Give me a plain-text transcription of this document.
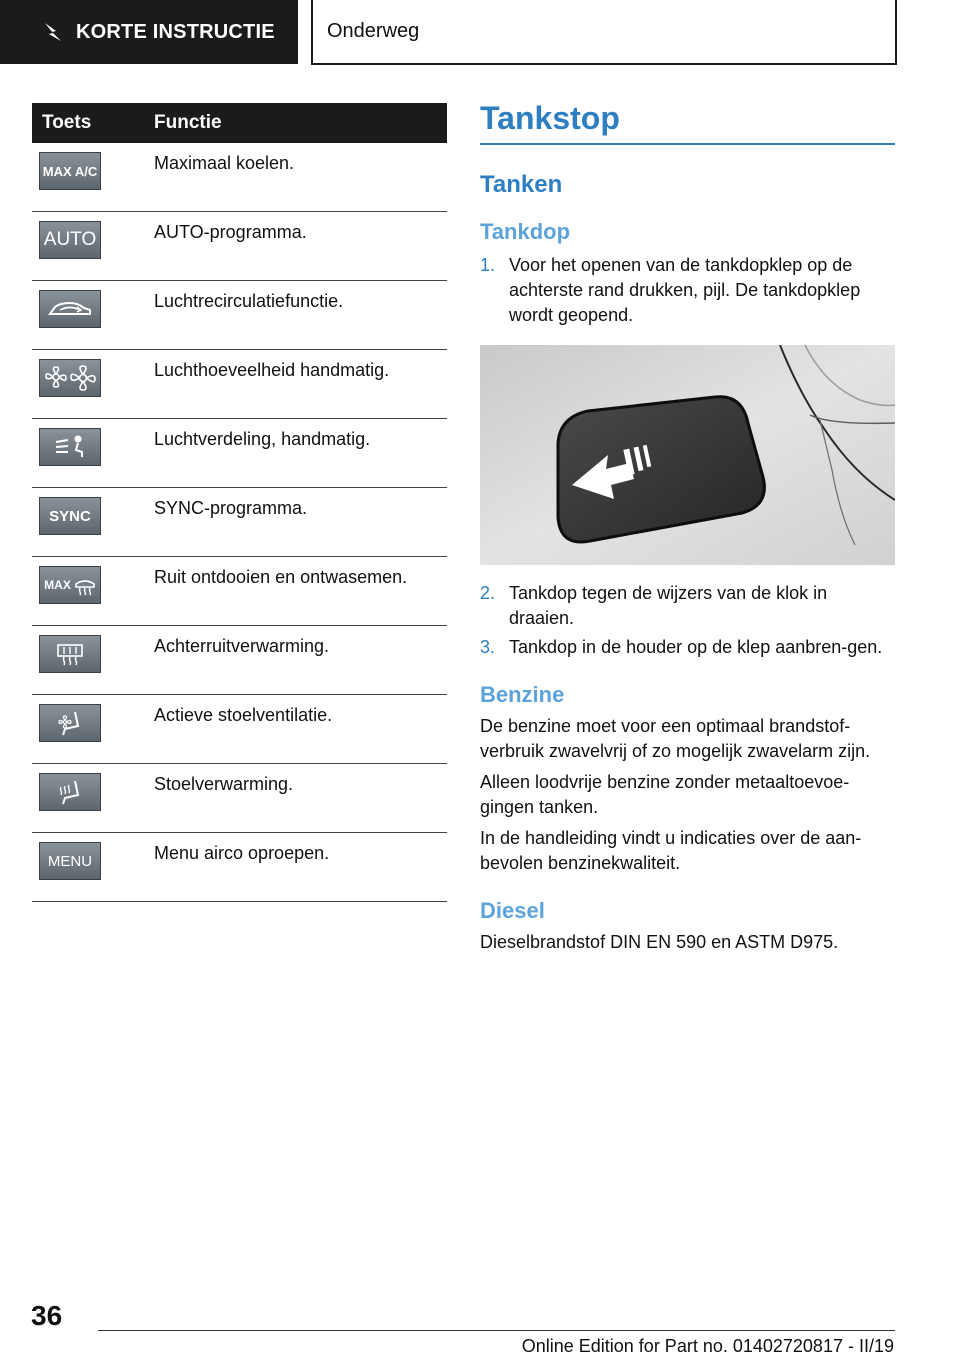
KORTE INSTRUCTIE	Onderweg
Toets	Functie

MAX A/C	Maximaal koelen.

AUTO	AUTO-programma.

	Luchtrecirculatiefunctie.

	Luchthoeveelheid handmatig.

	Luchtverdeling, handmatig.

SYNC	SYNC-programma.

MAX	Ruit ontdooien en ontwasemen.

	Achterruitverwarming.

	Actieve stoelventilatie.

	Stoelverwarming.

MENU	Menu airco oproepen.
Tankstop
Tanken
Tankdop
1. Voor het openen van de tankdopklep op de achterste rand drukken, pijl. De tankdopklep wordt geopend.
2. Tankdop tegen de wijzers van de klok in draaien.
3. Tankdop in de houder op de klep aanbren-gen.
Benzine

De benzine moet voor een optimaal brandstof-verbruik zwavelvrij of zo mogelijk zwavelarm zijn.

Alleen loodvrije benzine zonder metaaltoevoe-gingen tanken.

In de handleiding vindt u indicaties over de aan-bevolen benzinekwaliteit.

Diesel

Dieselbrandstof DIN EN 590 en ASTM D975.

36
Online Edition for Part no. 01402720817 - II/19
